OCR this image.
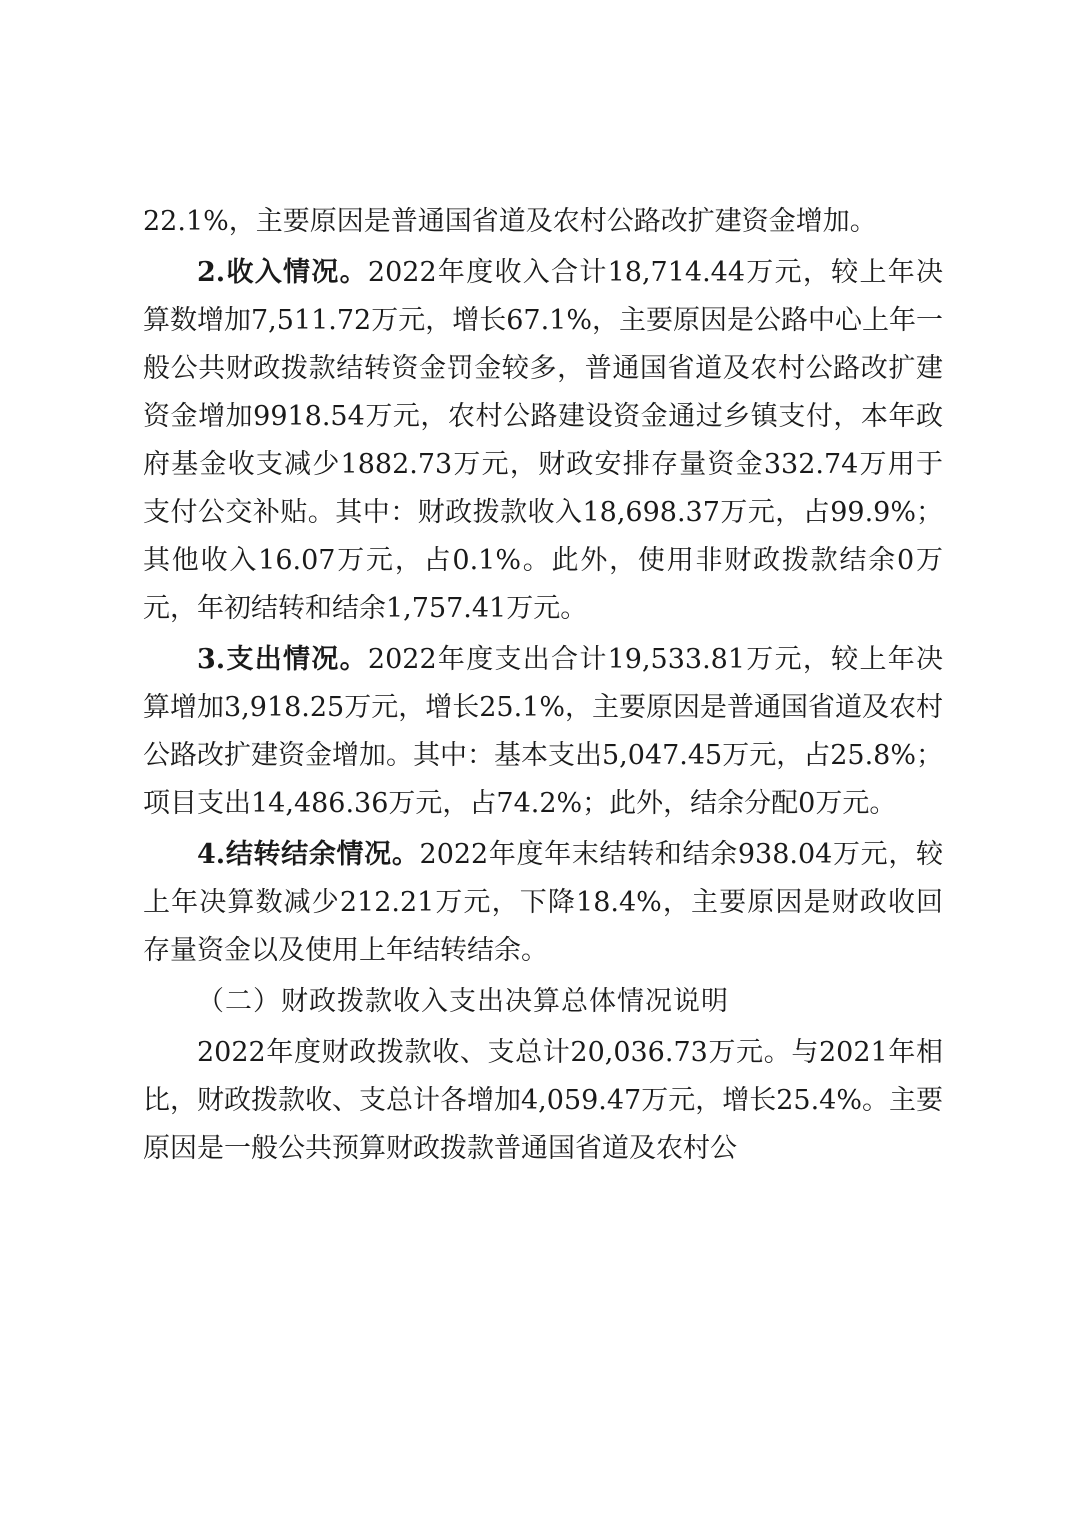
22.1%，主要原因是普通国省道及农村公路改扩建资金增加。

2.收入情况。2022年度收入合计18,714.44万元，较上年决算数增加7,511.72万元，增长67.1%，主要原因是公路中心上年一般公共财政拨款结转资金罚金较多，普通国省道及农村公路改扩建资金增加9918.54万元，农村公路建设资金通过乡镇支付，本年政府基金收支减少1882.73万元，财政安排存量资金332.74万用于支付公交补贴。其中：财政拨款收入18,698.37万元，占99.9%；其他收入16.07万元，占0.1%。此外，使用非财政拨款结余0万元，年初结转和结余1,757.41万元。

3.支出情况。2022年度支出合计19,533.81万元，较上年决算增加3,918.25万元，增长25.1%，主要原因是普通国省道及农村公路改扩建资金增加。其中：基本支出5,047.45万元，占25.8%；项目支出14,486.36万元，占74.2%；此外，结余分配0万元。

4.结转结余情况。2022年度年末结转和结余938.04万元，较上年决算数减少212.21万元，下降18.4%，主要原因是财政收回存量资金以及使用上年结转结余。

（二）财政拨款收入支出决算总体情况说明

2022年度财政拨款收、支总计20,036.73万元。与2021年相比，财政拨款收、支总计各增加4,059.47万元，增长25.4%。主要原因是一般公共预算财政拨款普通国省道及农村公
